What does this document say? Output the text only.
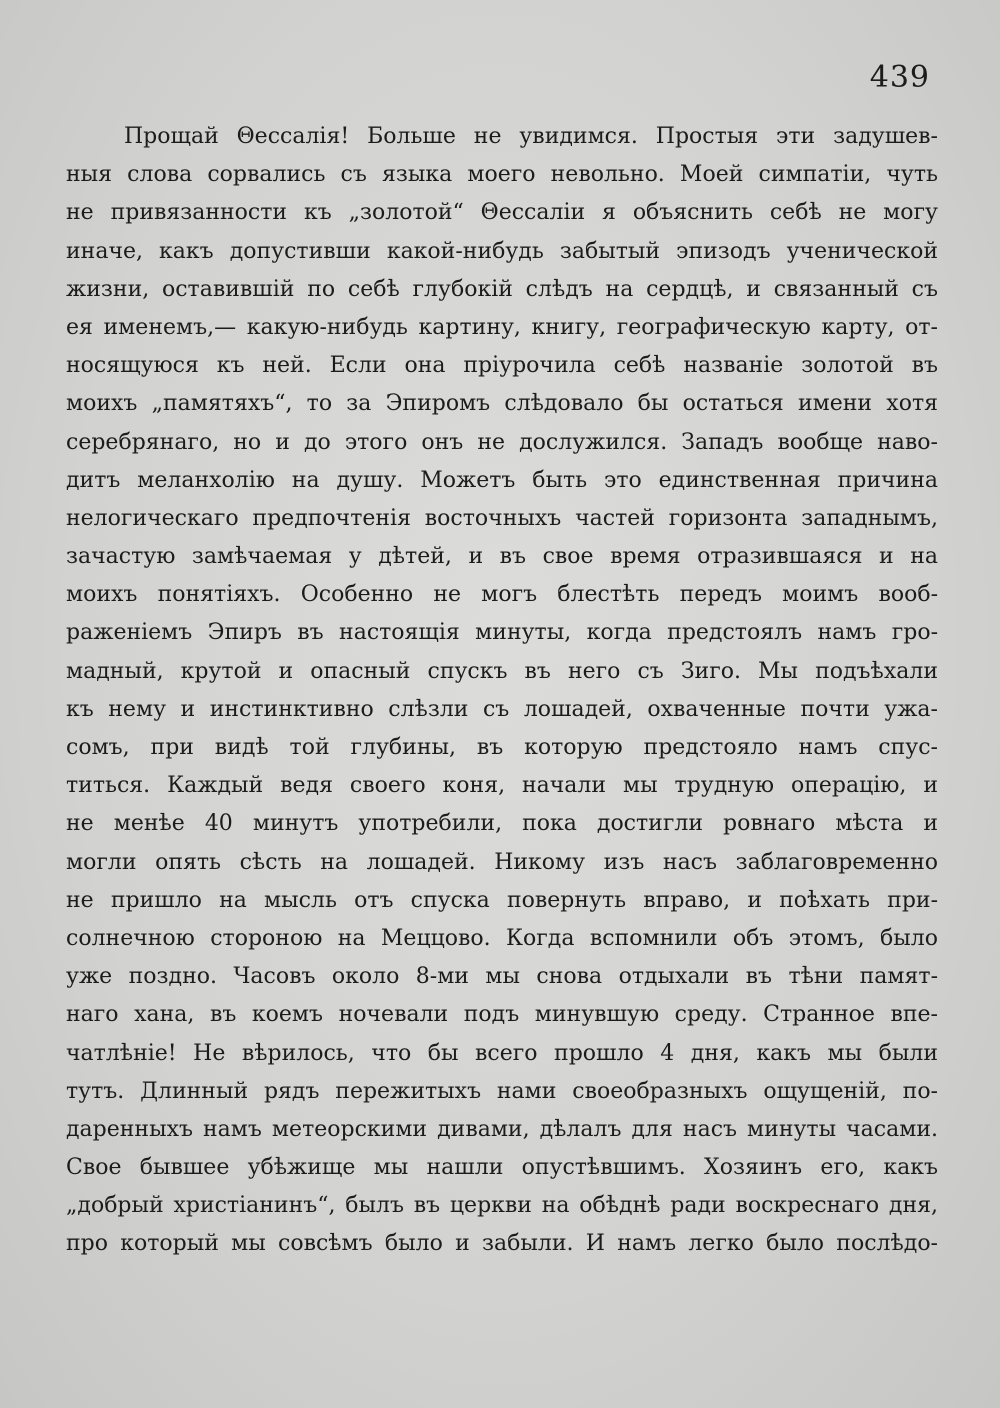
439
Прощай Θессалія! Больше не увидимся. Простыя эти задушев-
ныя слова сорвались съ языка моего невольно. Моей симпатіи, чуть
не привязанности къ „золотой“ Θессаліи я объяснить себѣ не могу
иначе, какъ допустивши какой-нибудь забытый эпизодъ ученической
жизни, оставившій по себѣ глубокій слѣдъ на сердцѣ, и связанный съ
ея именемъ,— какую-нибудь картину, книгу, географическую карту, от-
носящуюся къ ней. Если она пріурочила себѣ названіе золотой въ
моихъ „памятяхъ“, то за Эпиромъ слѣдовало бы остаться имени хотя
серебрянаго, но и до этого онъ не дослужился. Западъ вообще наво-
дитъ меланхолію на душу. Можетъ быть это единственная причина
нелогическаго предпочтенія восточныхъ частей горизонта западнымъ,
зачастую замѣчаемая у дѣтей, и въ свое время отразившаяся и на
моихъ понятіяхъ. Особенно не могъ блестѣть передъ моимъ вооб-
раженіемъ Эпиръ въ настоящія минуты, когда предстоялъ намъ гро-
мадный, крутой и опасный спускъ въ него съ Зиго. Мы подъѣхали
къ нему и инстинктивно слѣзли съ лошадей, охваченные почти ужа-
сомъ, при видѣ той глубины, въ которую предстояло намъ спус-
титься. Каждый ведя своего коня, начали мы трудную операцію, и
не менѣе 40 минутъ употребили, пока достигли ровнаго мѣста и
могли опять сѣсть на лошадей. Никому изъ насъ заблаговременно
не пришло на мысль отъ спуска повернуть вправо, и поѣхать при-
солнечною стороною на Меццово. Когда вспомнили объ этомъ, было
уже поздно. Часовъ около 8-ми мы снова отдыхали въ тѣни памят-
наго хана, въ коемъ ночевали подъ минувшую среду. Странное впе-
чатлѣніе! Не вѣрилось, что бы всего прошло 4 дня, какъ мы были
тутъ. Длинный рядъ пережитыхъ нами своеобразныхъ ощущеній, по-
даренныхъ намъ метеорскими дивами, дѣлалъ для насъ минуты часами.
Свое бывшее убѣжище мы нашли опустѣвшимъ. Хозяинъ его, какъ
„добрый христіанинъ“, былъ въ церкви на обѣднѣ ради воскреснаго дня,
про который мы совсѣмъ было и забыли. И намъ легко было послѣдо-
